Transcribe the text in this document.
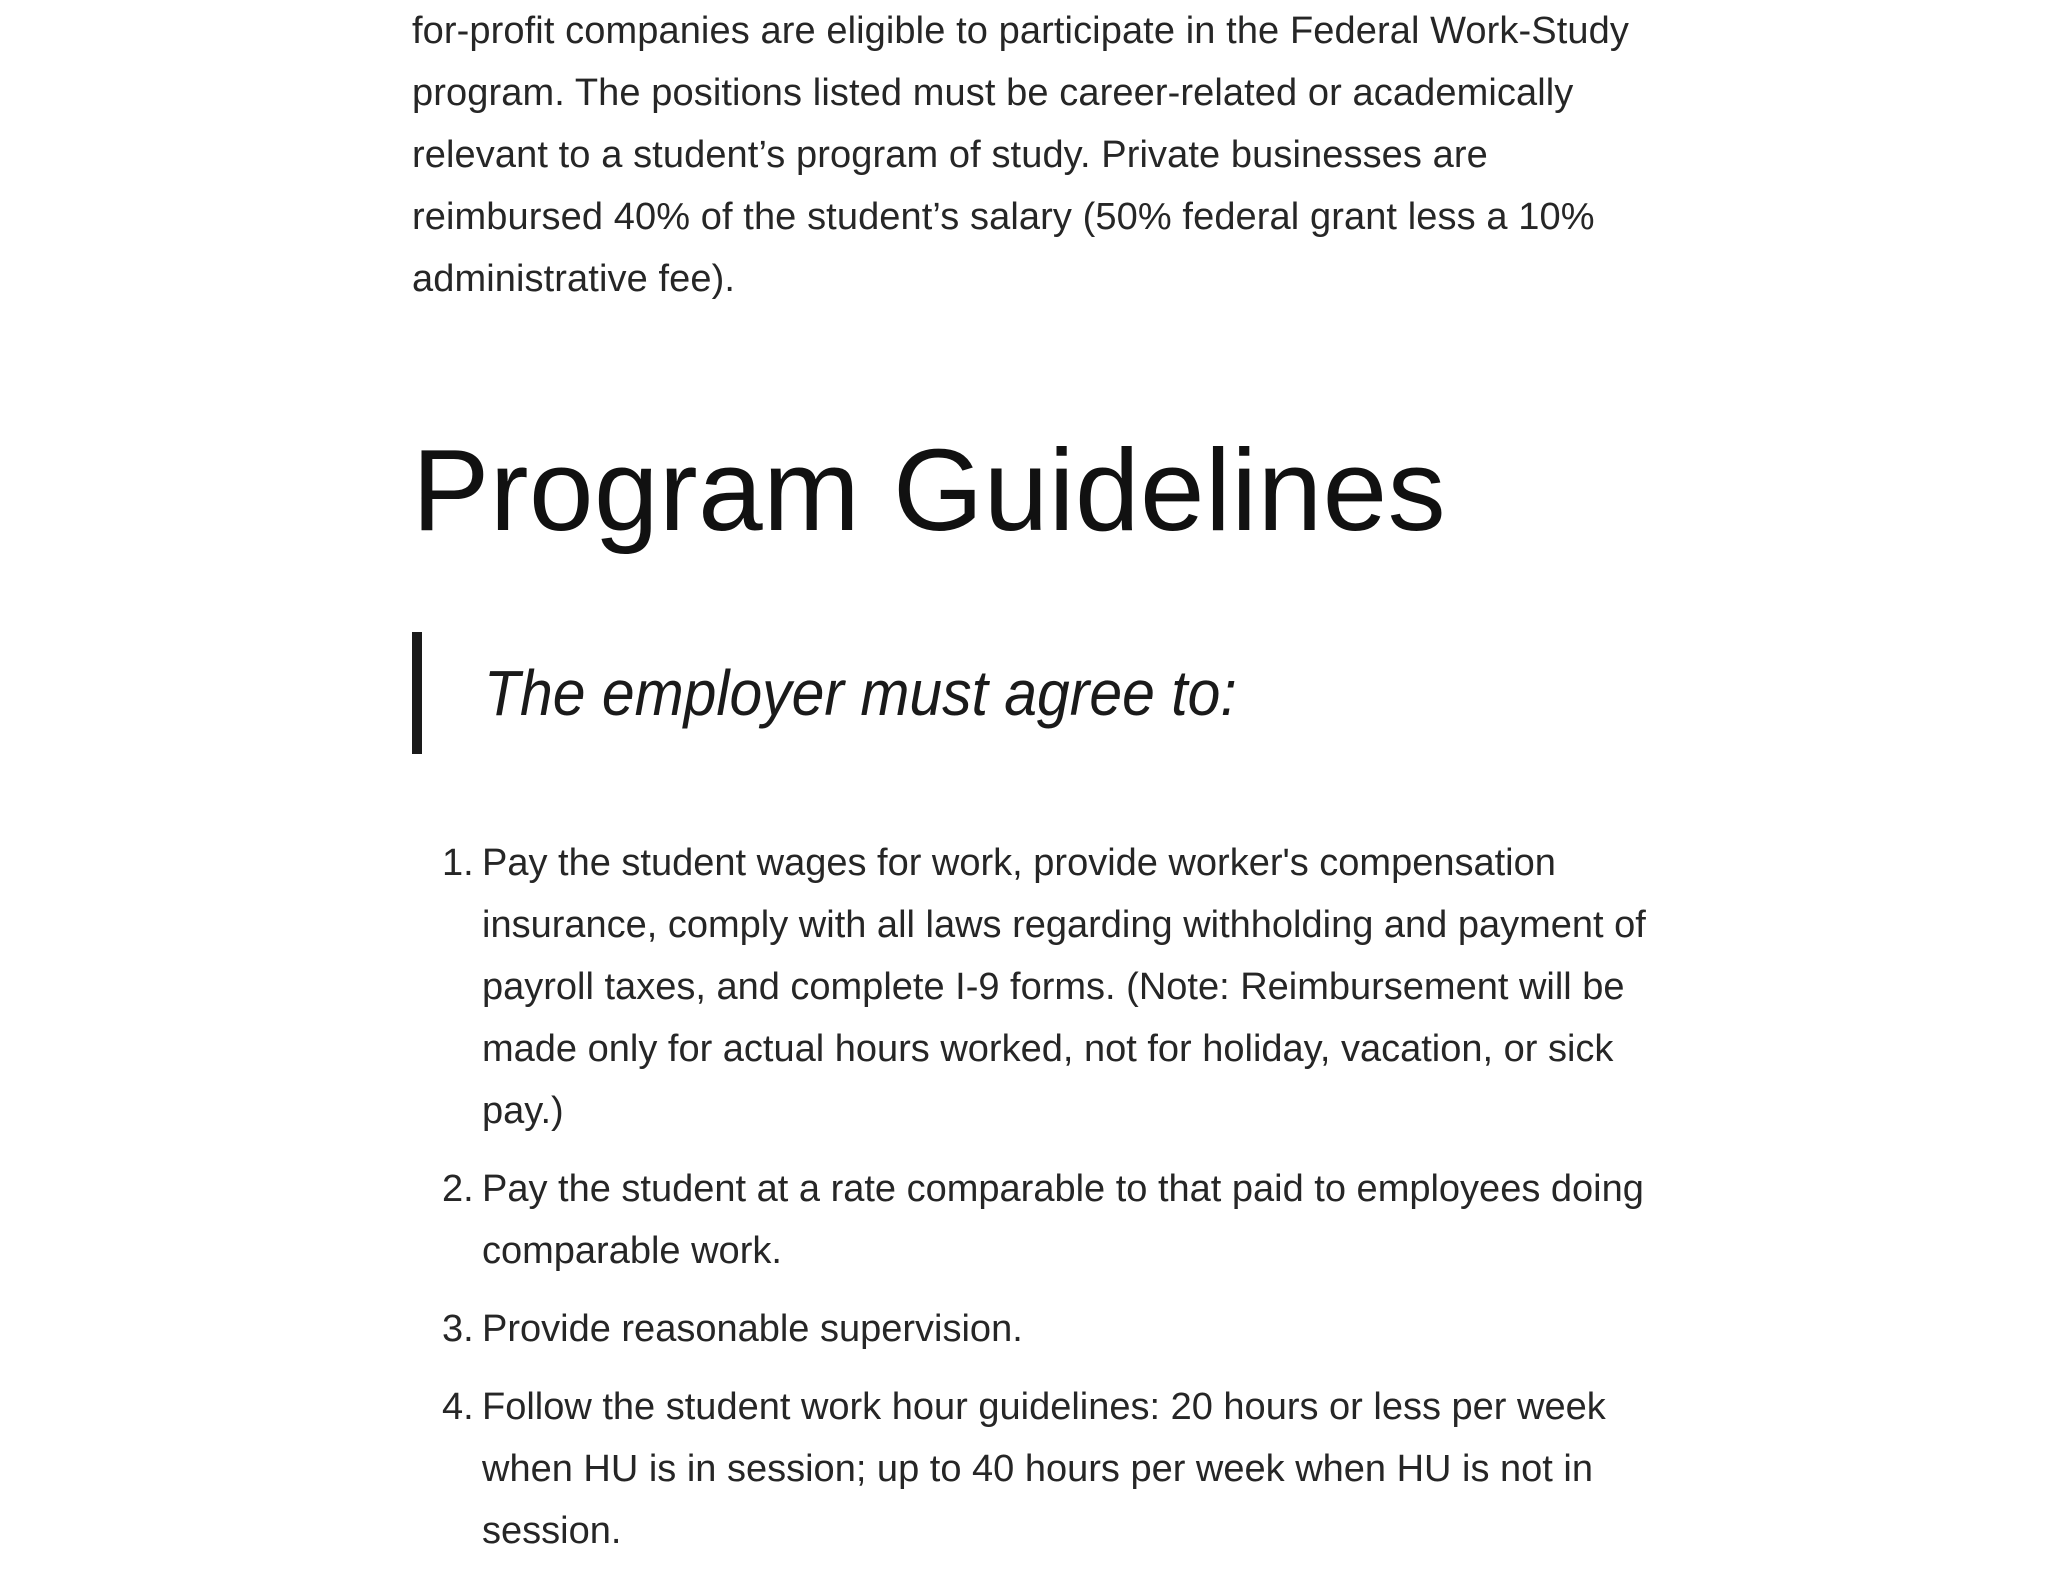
for-profit companies are eligible to participate in the Federal Work-Study program. The positions listed must be career-related or academically relevant to a student’s program of study. Private businesses are reimbursed 40% of the student’s salary (50% federal grant less a 10% administrative fee).

Program Guidelines
The employer must agree to:
1. Pay the student wages for work, provide worker's compensation insurance, comply with all laws regarding withholding and payment of payroll taxes, and complete I-9 forms. (Note: Reimbursement will be made only for actual hours worked, not for holiday, vacation, or sick pay.)
2. Pay the student at a rate comparable to that paid to employees doing comparable work.
3. Provide reasonable supervision.
4. Follow the student work hour guidelines: 20 hours or less per week when HU is in session; up to 40 hours per week when HU is not in session.
